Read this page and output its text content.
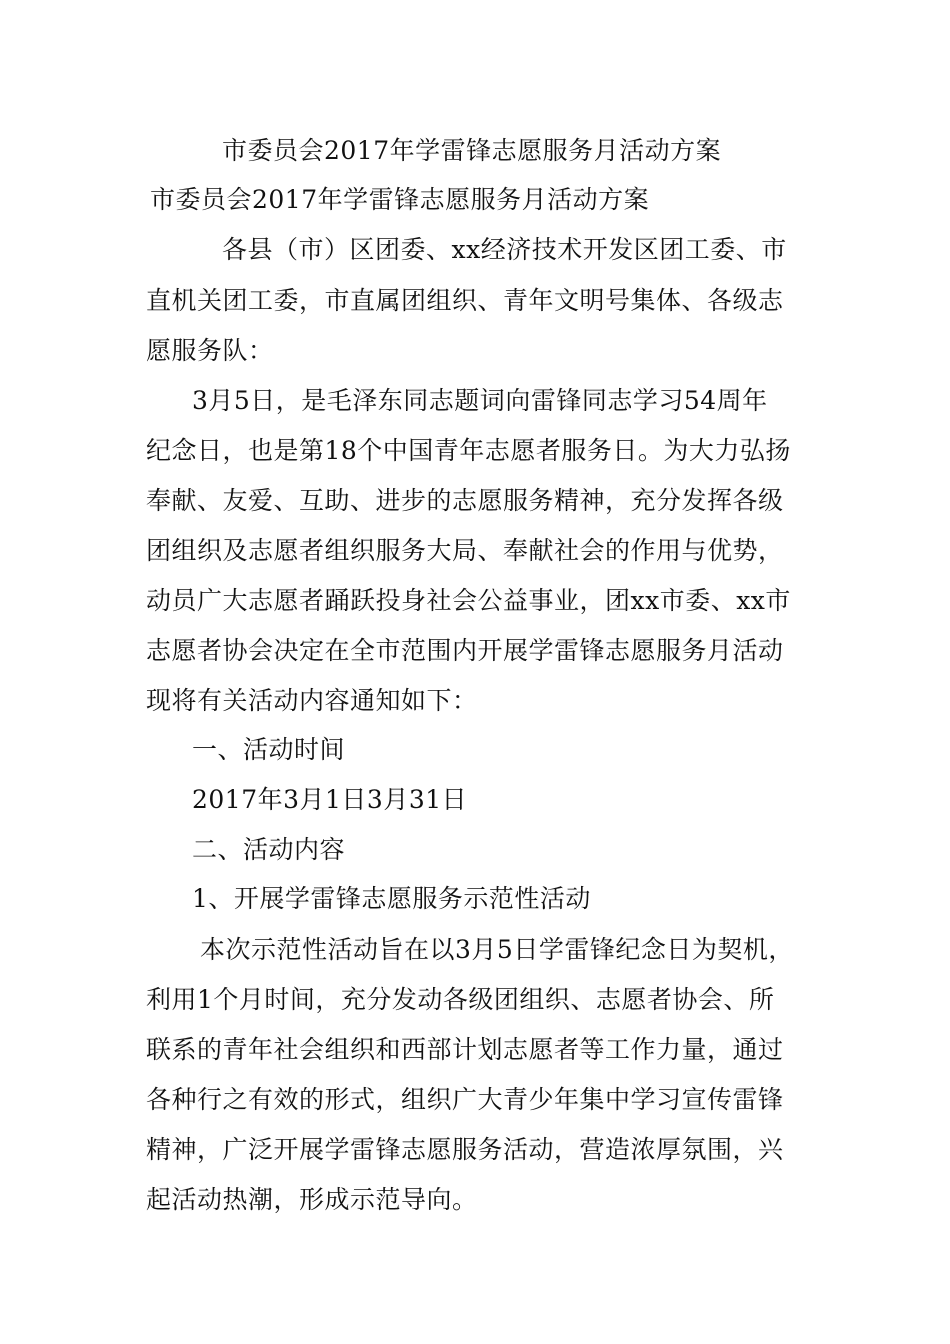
市委员会2017年学雷锋志愿服务月活动方案
市委员会2017年学雷锋志愿服务月活动方案
各县（市）区团委、xx经济技术开发区团工委、市
直机关团工委，市直属团组织、青年文明号集体、各级志
愿服务队：
3月5日，是毛泽东同志题词向雷锋同志学习54周年
纪念日，也是第18个中国青年志愿者服务日。为大力弘扬
奉献、友爱、互助、进步的志愿服务精神，充分发挥各级
团组织及志愿者组织服务大局、奉献社会的作用与优势，
动员广大志愿者踊跃投身社会公益事业，团xx市委、xx市
志愿者协会决定在全市范围内开展学雷锋志愿服务月活动
现将有关活动内容通知如下：
一、活动时间
2017年3月1日3月31日
二、活动内容
1、开展学雷锋志愿服务示范性活动
本次示范性活动旨在以3月5日学雷锋纪念日为契机，
利用1个月时间，充分发动各级团组织、志愿者协会、所
联系的青年社会组织和西部计划志愿者等工作力量，通过
各种行之有效的形式，组织广大青少年集中学习宣传雷锋
精神，广泛开展学雷锋志愿服务活动，营造浓厚氛围，兴
起活动热潮，形成示范导向。
